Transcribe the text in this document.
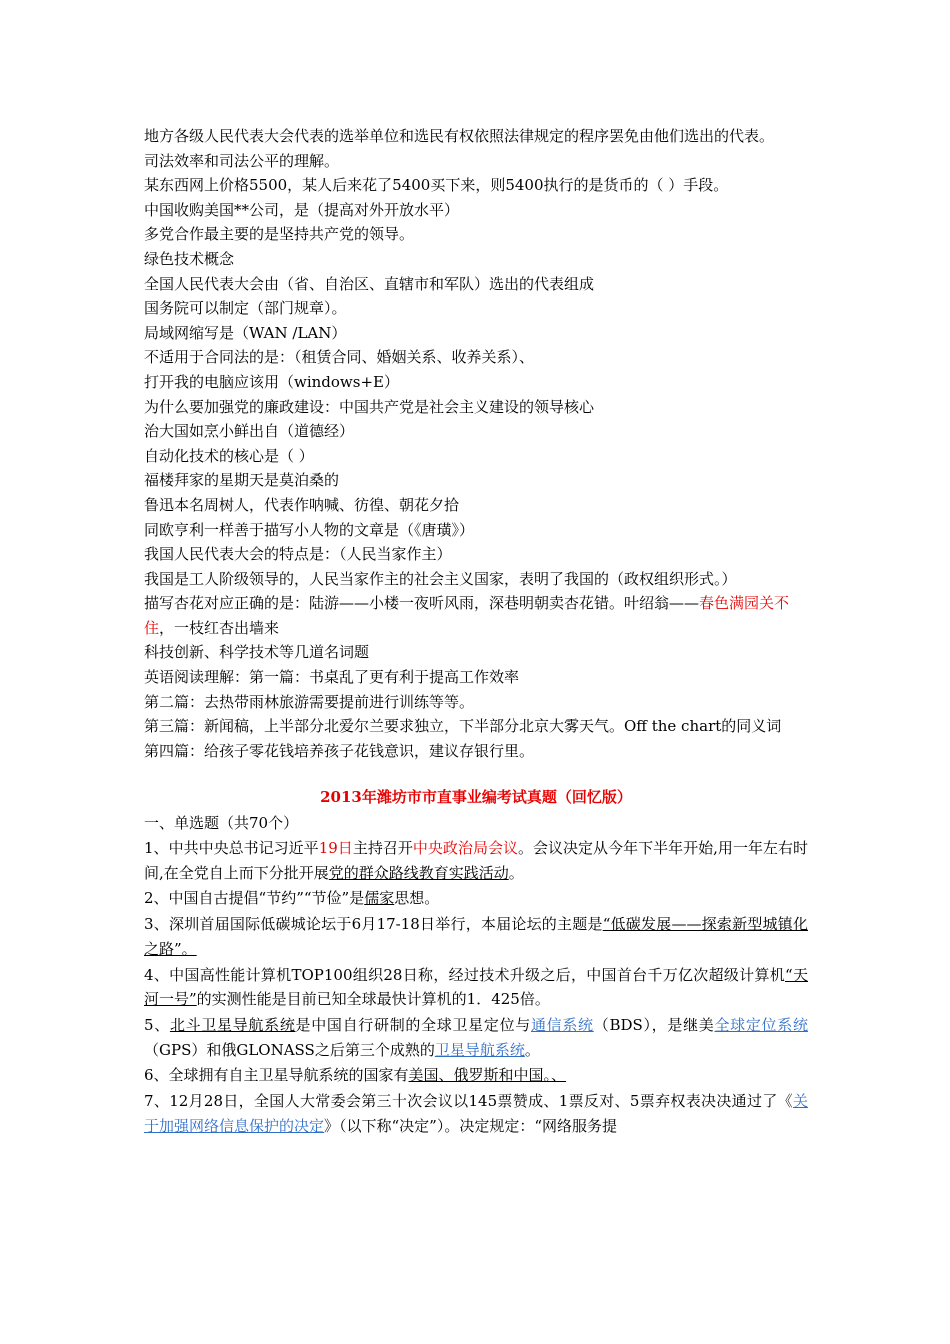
地方各级人民代表大会代表的选举单位和选民有权依照法律规定的程序罢免由他们选出的代表。

司法效率和司法公平的理解。

某东西网上价格5500，某人后来花了5400买下来，则5400执行的是货币的（ ）手段。

中国收购美国**公司，是（提高对外开放水平）

多党合作最主要的是坚持共产党的领导。

绿色技术概念

全国人民代表大会由（省、自治区、直辖市和军队）选出的代表组成

国务院可以制定（部门规章）。

局域网缩写是（WAN /LAN）

不适用于合同法的是：（租赁合同、婚姻关系、收养关系）、

打开我的电脑应该用（windows+E）

为什么要加强党的廉政建设：中国共产党是社会主义建设的领导核心

治大国如烹小鲜出自（道德经）

自动化技术的核心是（ ）

福楼拜家的星期天是莫泊桑的

鲁迅本名周树人，代表作呐喊、彷徨、朝花夕拾

同欧亨利一样善于描写小人物的文章是（《唐璜》）

我国人民代表大会的特点是：（人民当家作主）

我国是工人阶级领导的，人民当家作主的社会主义国家，表明了我国的（政权组织形式。）

描写杏花对应正确的是：陆游——小楼一夜听风雨，深巷明朝卖杏花错。叶绍翁——春色满园关不住，一枝红杏出墙来

科技创新、科学技术等几道名词题

英语阅读理解：第一篇：书桌乱了更有利于提高工作效率

第二篇：去热带雨林旅游需要提前进行训练等等。

第三篇：新闻稿，上半部分北爱尔兰要求独立，下半部分北京大雾天气。Off the chart的同义词

第四篇：给孩子零花钱培养孩子花钱意识，建议存银行里。

2013年潍坊市市直事业编考试真题（回忆版）

一、单选题（共70个）

1、中共中央总书记习近平19日主持召开中央政治局会议。会议决定从今年下半年开始,用一年左右时间,在全党自上而下分批开展党的群众路线教育实践活动。

2、中国自古提倡“节约”“节俭”是儒家思想。

3、深圳首届国际低碳城论坛于6月17-18日举行，本届论坛的主题是“低碳发展——探索新型城镇化之路”。

4、中国高性能计算机TOP100组织28日称，经过技术升级之后，中国首台千万亿次超级计算机“天河一号”的实测性能是目前已知全球最快计算机的1．425倍。

5、北斗卫星导航系统是中国自行研制的全球卫星定位与通信系统（BDS），是继美全球定位系统（GPS）和俄GLONASS之后第三个成熟的卫星导航系统。

6、全球拥有自主卫星导航系统的国家有美国、俄罗斯和中国。、

7、12月28日，全国人大常委会第三十次会议以145票赞成、1票反对、5票弃权表决决通过了《关于加强网络信息保护的决定》（以下称“决定”）。决定规定：“网络服务提
